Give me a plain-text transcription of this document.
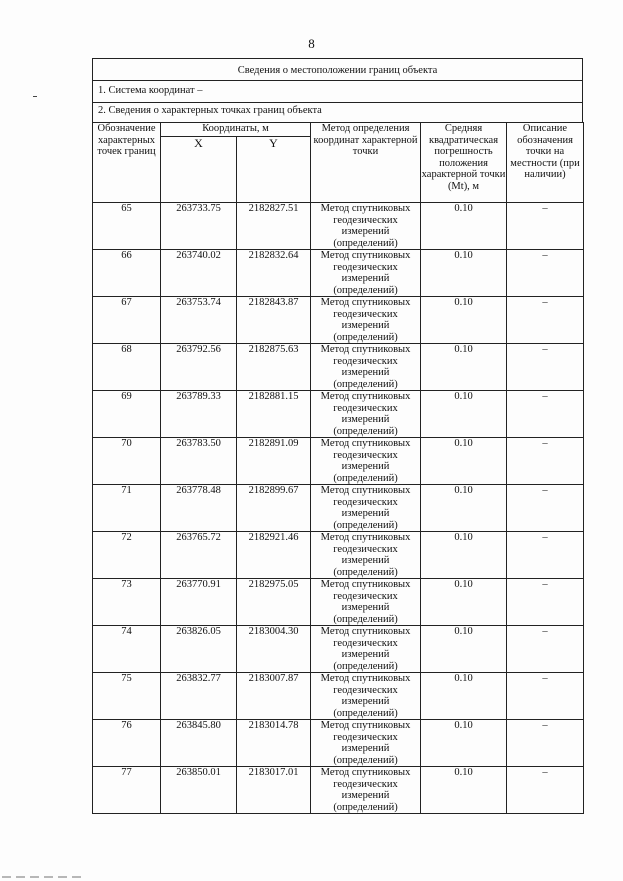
8
Сведения о местоположении границ объекта
1. Система координат –
2. Сведения о характерных точках границ объекта
Обозначение характерных точек границ	Координаты, м		Метод определения координат характерной точки	Средняя квадратическая погрешность положения характерной точки (Mt), м	Описание обозначения точки на местности (при наличии)
	X	Y			
65	263733.75	2182827.51	Метод спутниковых геодезических измерений (определений)	0.10	–
66	263740.02	2182832.64	Метод спутниковых геодезических измерений (определений)	0.10	–
67	263753.74	2182843.87	Метод спутниковых геодезических измерений (определений)	0.10	–
68	263792.56	2182875.63	Метод спутниковых геодезических измерений (определений)	0.10	–
69	263789.33	2182881.15	Метод спутниковых геодезических измерений (определений)	0.10	–
70	263783.50	2182891.09	Метод спутниковых геодезических измерений (определений)	0.10	–
71	263778.48	2182899.67	Метод спутниковых геодезических измерений (определений)	0.10	–
72	263765.72	2182921.46	Метод спутниковых геодезических измерений (определений)	0.10	–
73	263770.91	2182975.05	Метод спутниковых геодезических измерений (определений)	0.10	–
74	263826.05	2183004.30	Метод спутниковых геодезических измерений (определений)	0.10	–
75	263832.77	2183007.87	Метод спутниковых геодезических измерений (определений)	0.10	–
76	263845.80	2183014.78	Метод спутниковых геодезических измерений (определений)	0.10	–
77	263850.01	2183017.01	Метод спутниковых геодезических измерений (определений)	0.10	–
